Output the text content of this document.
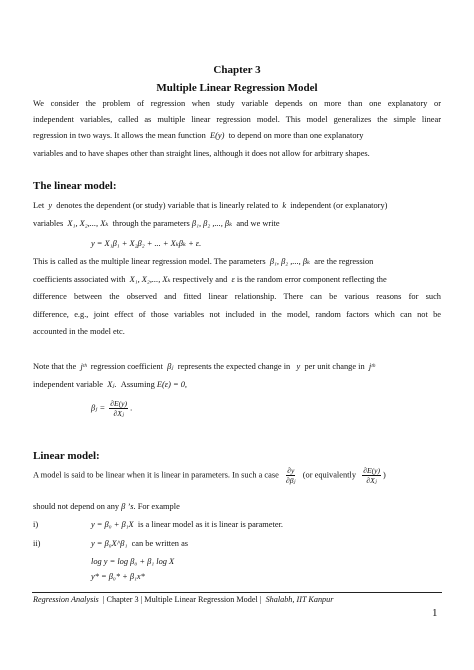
Chapter 3
Multiple Linear Regression Model
We consider the problem of regression when study variable depends on more than one explanatory or
independent variables, called as multiple linear regression model. This model generalizes the simple linear
regression in two ways. It allows the mean function E(y) to depend on more than one explanatory
variables and to have shapes other than straight lines, although it does not allow for arbitrary shapes.
The linear model:
Let y denotes the dependent (or study) variable that is linearly related to k independent (or explanatory)
variables X₁, X₂,..., Xₖ through the parameters β₁, β₂ ,..., βₖ and we write
y = X₁β₁ + X₂β₂ + ... + Xₖβₖ + ε.
This is called as the multiple linear regression model. The parameters β₁, β₂ ,..., βₖ are the regression
coefficients associated with X₁, X₂,..., Xₖ respectively and ε is the random error component reflecting the
difference between the observed and fitted linear relationship. There can be various reasons for such
difference, e.g., joint effect of those variables not included in the model, random factors which can not be
accounted in the model etc.
Note that the jᵗʰ regression coefficient βⱼ represents the expected change in y per unit change in jᵗʰ
independent variable Xⱼ. Assuming E(ε) = 0,
βⱼ = $\frac{\partial E(y)}{\text{∂Xⱼ}}$ .
Linear model:
A model is said to be linear when it is linear in parameters. In such a case $\frac{\partial y}{\text{∂βⱼ}} (or$ equivalently $\frac{\partial E(y)}{\text{∂Xⱼ}}$ )
should not depend on any β ’s. For example
i)	y = β₀ + β₁X is a linear model as it is linear is parameter.
ii)	y = β₀X^β₁ can be written as
log y = log β₀ + β₁ log X
y* = β₀* + β₁x*
Regression Analysis | Chapter 3 | Multiple Linear Regression Model | Shalabh, IIT Kanpur
1
